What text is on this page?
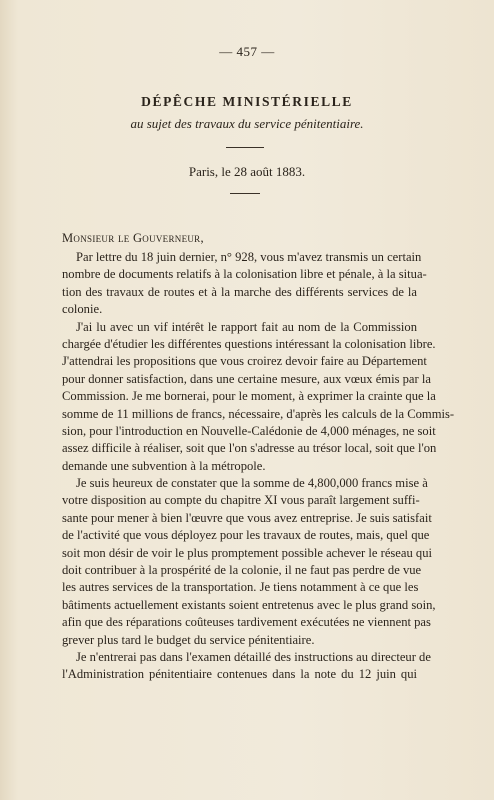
— 457 —
DÉPÊCHE MINISTÉRIELLE
au sujet des travaux du service pénitentiaire.
Paris, le 28 août 1883.
Monsieur le Gouverneur,
Par lettre du 18 juin dernier, n° 928, vous m'avez transmis un certain
nombre de documents relatifs à la colonisation libre et pénale, à la situa-
tion des travaux de routes et à la marche des différents services de la
colonie.
J'ai lu avec un vif intérêt le rapport fait au nom de la Commission
chargée d'étudier les différentes questions intéressant la colonisation libre.
J'attendrai les propositions que vous croirez devoir faire au Département
pour donner satisfaction, dans une certaine mesure, aux vœux émis par la
Commission. Je me bornerai, pour le moment, à exprimer la crainte que la
somme de 11 millions de francs, nécessaire, d'après les calculs de la Commis-
sion, pour l'introduction en Nouvelle-Calédonie de 4,000 ménages, ne soit
assez difficile à réaliser, soit que l'on s'adresse au trésor local, soit que l'on
demande une subvention à la métropole.
Je suis heureux de constater que la somme de 4,800,000 francs mise à
votre disposition au compte du chapitre XI vous paraît largement suffi-
sante pour mener à bien l'œuvre que vous avez entreprise. Je suis satisfait
de l'activité que vous déployez pour les travaux de routes, mais, quel que
soit mon désir de voir le plus promptement possible achever le réseau qui
doit contribuer à la prospérité de la colonie, il ne faut pas perdre de vue
les autres services de la transportation. Je tiens notamment à ce que les
bâtiments actuellement existants soient entretenus avec le plus grand soin,
afin que des réparations coûteuses tardivement exécutées ne viennent pas
grever plus tard le budget du service pénitentiaire.
Je n'entrerai pas dans l'examen détaillé des instructions au directeur de
l'Administration pénitentiaire contenues dans la note du 12 juin qui
